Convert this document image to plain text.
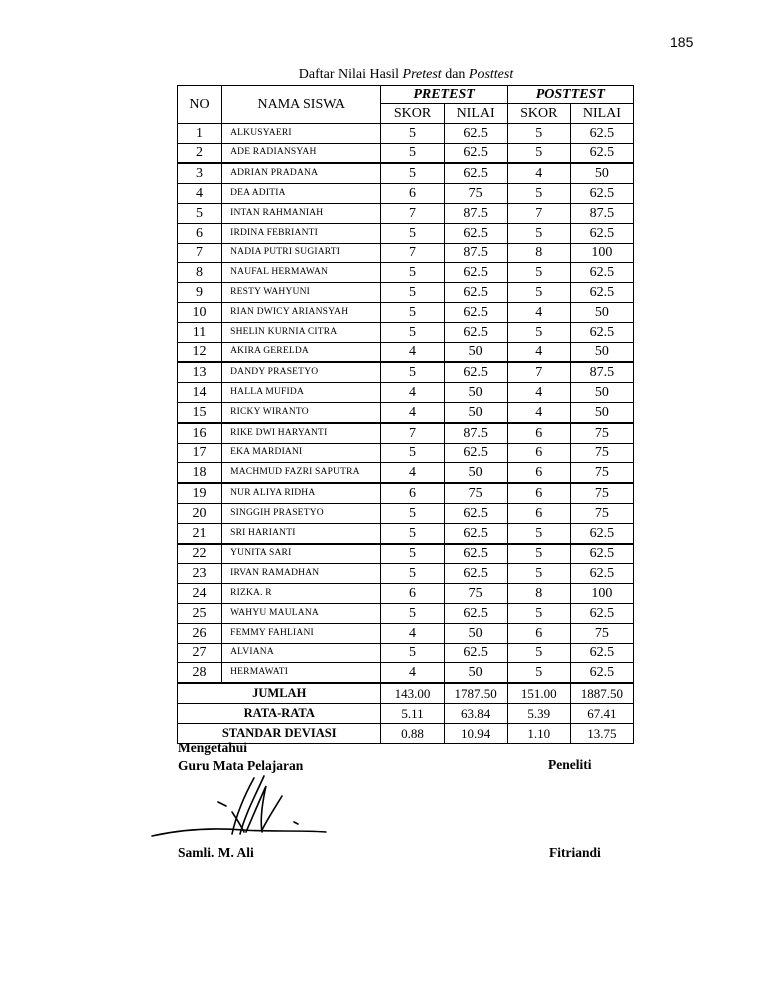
185
Daftar Nilai Hasil Pretest dan Posttest
NO	NAMA SISWA	PRETEST		POSTTEST	
		SKOR	NILAI	SKOR	NILAI
1	ALKUSYAERI	5	62.5	5	62.5
2	ADE RADIANSYAH	5	62.5	5	62.5
3	ADRIAN PRADANA	5	62.5	4	50
4	DEA ADITIA	6	75	5	62.5
5	INTAN RAHMANIAH	7	87.5	7	87.5
6	IRDINA FEBRIANTI	5	62.5	5	62.5
7	NADIA PUTRI SUGIARTI	7	87.5	8	100
8	NAUFAL HERMAWAN	5	62.5	5	62.5
9	RESTY WAHYUNI	5	62.5	5	62.5
10	RIAN DWICY ARIANSYAH	5	62.5	4	50
11	SHELIN KURNIA CITRA	5	62.5	5	62.5
12	AKIRA GERELDA	4	50	4	50
13	DANDY PRASETYO	5	62.5	7	87.5
14	HALLA MUFIDA	4	50	4	50
15	RICKY WIRANTO	4	50	4	50
16	RIKE DWI HARYANTI	7	87.5	6	75
17	EKA MARDIANI	5	62.5	6	75
18	MACHMUD FAZRI SAPUTRA	4	50	6	75
19	NUR ALIYA RIDHA	6	75	6	75
20	SINGGIH PRASETYO	5	62.5	6	75
21	SRI HARIANTI	5	62.5	5	62.5
22	YUNITA SARI	5	62.5	5	62.5
23	IRVAN RAMADHAN	5	62.5	5	62.5
24	RIZKA. R	6	75	8	100
25	WAHYU MAULANA	5	62.5	5	62.5
26	FEMMY FAHLIANI	4	50	6	75
27	ALVIANA	5	62.5	5	62.5
28	HERMAWATI	4	50	5	62.5
JUMLAH		143.00	1787.50	151.00	1887.50
RATA-RATA		5.11	63.84	5.39	67.41
STANDAR DEVIASI		0.88	10.94	1.10	13.75
Mengetahui
Guru Mata Pelajaran	Peneliti
Samli. M. Ali	Fitriandi
